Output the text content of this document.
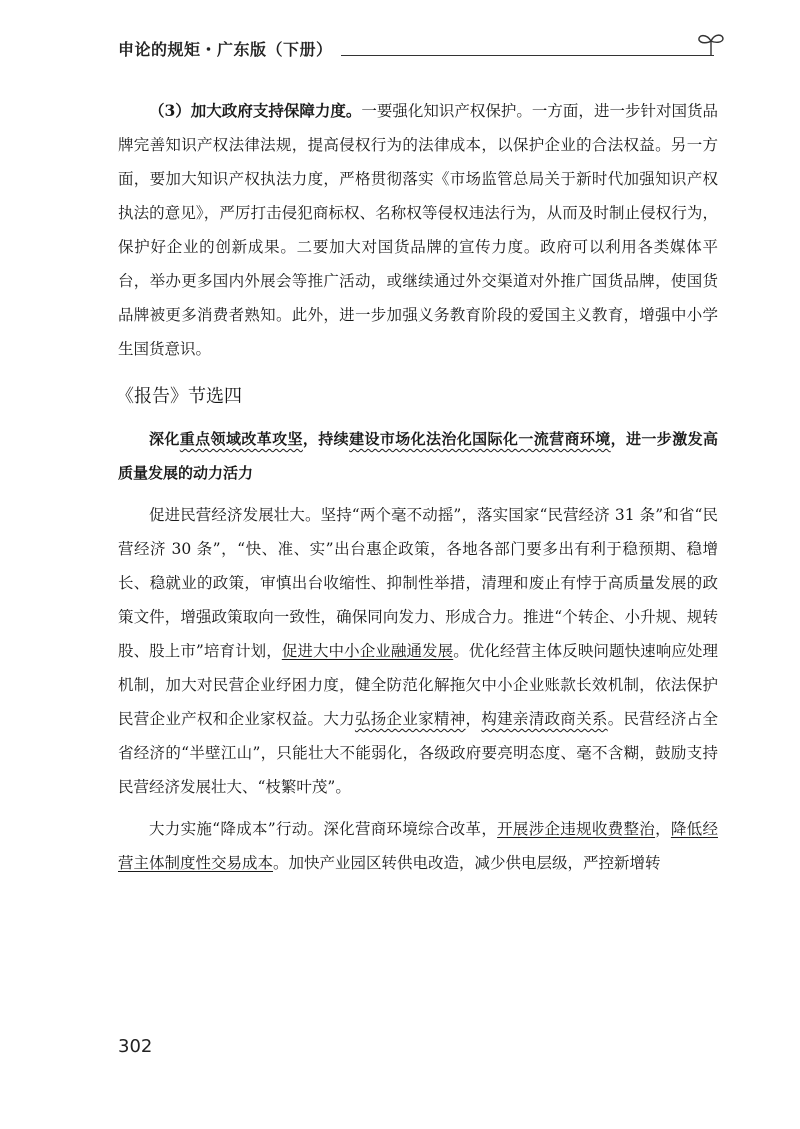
申论的规矩・广东版（下册）

（3）加大政府支持保障力度。一要强化知识产权保护。一方面，进一步针对国货品牌完善知识产权法律法规，提高侵权行为的法律成本，以保护企业的合法权益。另一方面，要加大知识产权执法力度，严格贯彻落实《市场监管总局关于新时代加强知识产权执法的意见》，严厉打击侵犯商标权、名称权等侵权违法行为，从而及时制止侵权行为，保护好企业的创新成果。二要加大对国货品牌的宣传力度。政府可以利用各类媒体平台，举办更多国内外展会等推广活动，或继续通过外交渠道对外推广国货品牌，使国货品牌被更多消费者熟知。此外，进一步加强义务教育阶段的爱国主义教育，增强中小学生国货意识。

《报告》节选四

深化重点领域改革攻坚，持续建设市场化法治化国际化一流营商环境，进一步激发高质量发展的动力活力

促进民营经济发展壮大。坚持“两个毫不动摇”，落实国家“民营经济 31 条”和省“民营经济 30 条”，“快、准、实”出台惠企政策，各地各部门要多出有利于稳预期、稳增长、稳就业的政策，审慎出台收缩性、抑制性举措，清理和废止有悖于高质量发展的政策文件，增强政策取向一致性，确保同向发力、形成合力。推进“个转企、小升规、规转股、股上市”培育计划，促进大中小企业融通发展。优化经营主体反映问题快速响应处理机制，加大对民营企业纾困力度，健全防范化解拖欠中小企业账款长效机制，依法保护民营企业产权和企业家权益。大力弘扬企业家精神，构建亲清政商关系。民营经济占全省经济的“半壁江山”，只能壮大不能弱化，各级政府要亮明态度、毫不含糊，鼓励支持民营经济发展壮大、“枝繁叶茂”。

大力实施“降成本”行动。深化营商环境综合改革，开展涉企违规收费整治，降低经营主体制度性交易成本。加快产业园区转供电改造，减少供电层级，严控新增转

302
